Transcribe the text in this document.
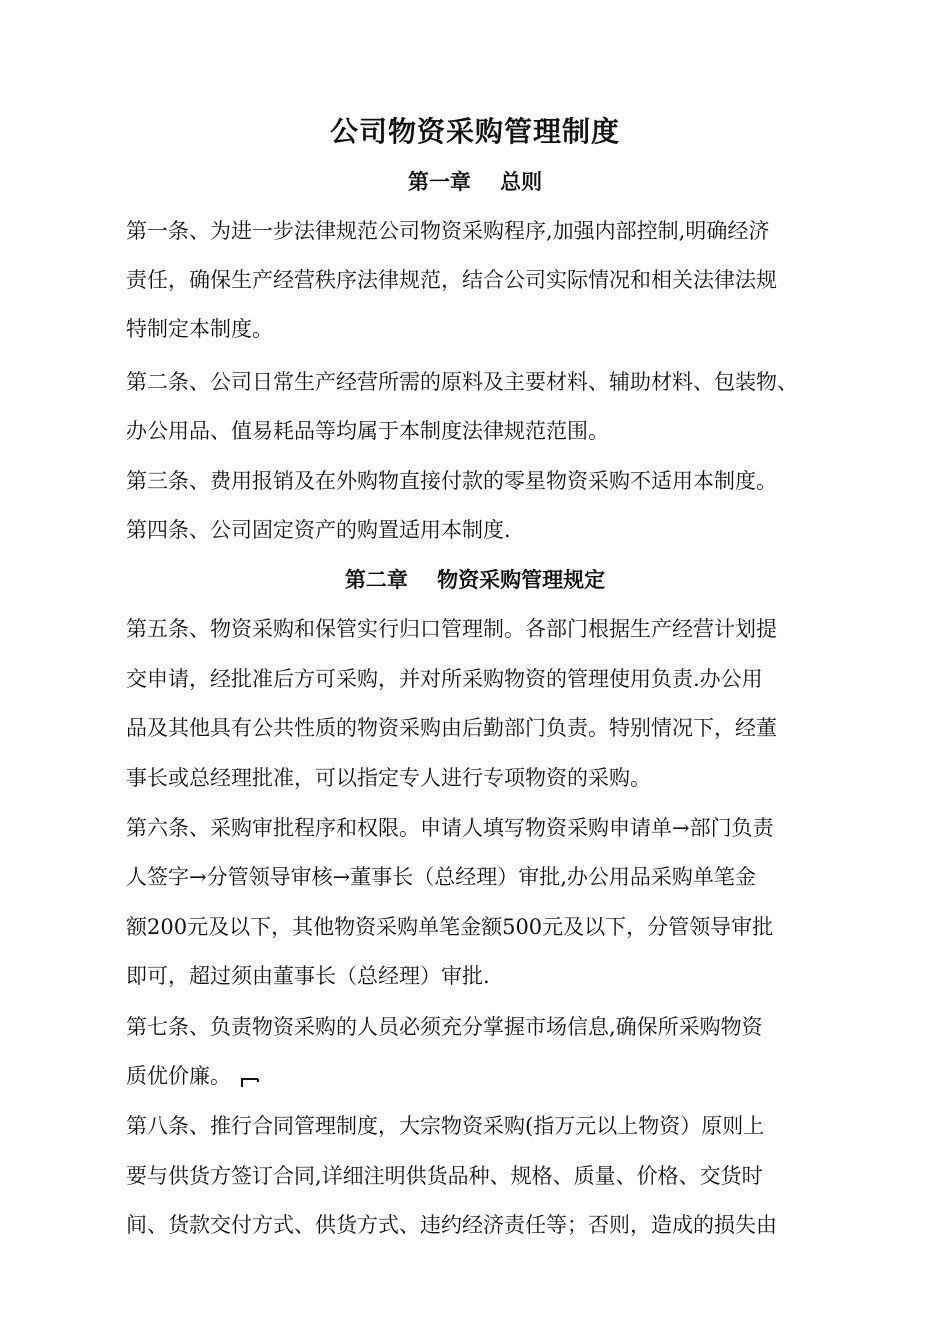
公司物资采购管理制度
第一章    总则
第一条、为进一步法律规范公司物资采购程序,加强内部控制,明确经济
责任，确保生产经营秩序法律规范，结合公司实际情况和相关法律法规
特制定本制度。
第二条、公司日常生产经营所需的原料及主要材料、辅助材料、包装物、
办公用品、值易耗品等均属于本制度法律规范范围。
第三条、费用报销及在外购物直接付款的零星物资采购不适用本制度。
第四条、公司固定资产的购置适用本制度.
第二章    物资采购管理规定
第五条、物资采购和保管实行归口管理制。各部门根据生产经营计划提
交申请，经批准后方可采购，并对所采购物资的管理使用负责.办公用
品及其他具有公共性质的物资采购由后勤部门负责。特别情况下，经董
事长或总经理批准，可以指定专人进行专项物资的采购。
第六条、采购审批程序和权限。申请人填写物资采购申请单→部门负责
人签字→分管领导审核→董事长（总经理）审批,办公用品采购单笔金
额200元及以下，其他物资采购单笔金额500元及以下，分管领导审批
即可，超过须由董事长（总经理）审批.
第七条、负责物资采购的人员必须充分掌握市场信息,确保所采购物资
质优价廉。
第八条、推行合同管理制度，大宗物资采购(指万元以上物资）原则上
要与供货方签订合同,详细注明供货品种、规格、质量、价格、交货时
间、货款交付方式、供货方式、违约经济责任等；否则，造成的损失由
